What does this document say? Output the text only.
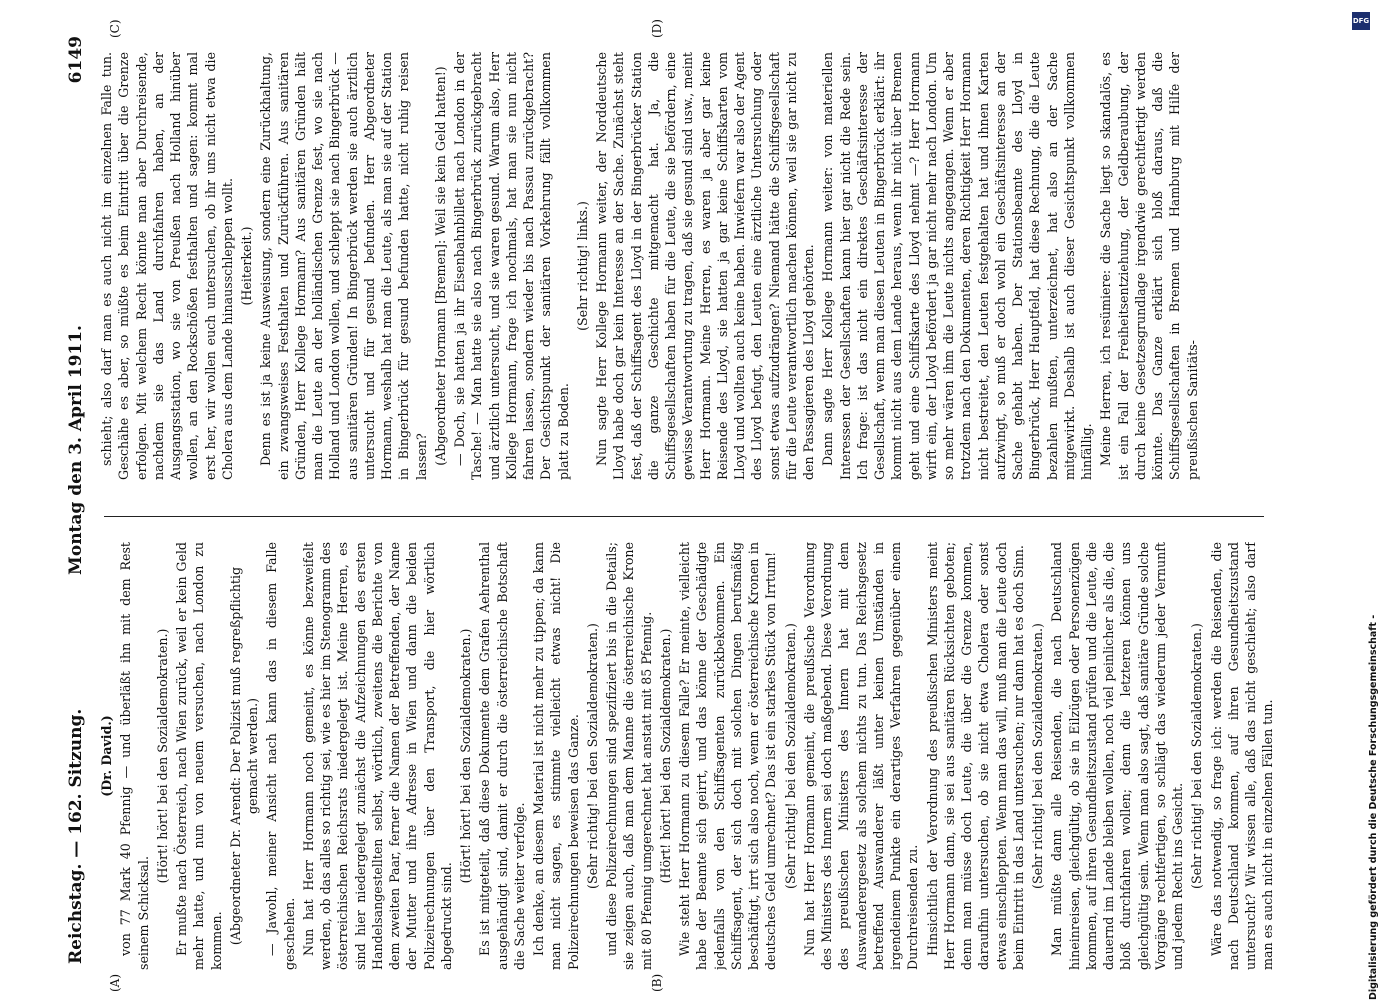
Reichstag. — 162. Sitzung.
Montag den 3. April 1911.
6149
(A)	(B)
(C)	(D)

(Dr. David.) von 77 Mark 40 Pfennig — und überläßt ihn mit dem Rest seinem Schicksal.

(Hört! hört! bei den Sozialdemokraten.) Er mußte nach Österreich, nach Wien zurück, weil er kein Geld mehr hatte, und nun von neuem versuchen, nach London zu kommen. (Abgeordneter Dr. Arendt: Der Polizist muß regreßpflichtig gemacht werden.) — Jawohl, meiner Ansicht nach kann das in diesem Falle geschehen. Nun hat Herr Hormann noch gemeint, es könne bezweifelt werden, ob das alles so richtig sei, wie es hier im Stenogramm des österreichischen Reichsrats niedergelegt ist. Meine Herren, es sind hier niedergelegt zunächst die Aufzeichnungen des ersten Handelsangestellten selbst, wörtlich, zweitens die Berichte von dem zweiten Paar, ferner die Namen der Betreffenden, der Name der Mutter und ihre Adresse in Wien und dann die beiden Polizeirechnungen über den Transport, die hier wörtlich abgedruckt sind.

(Hört! hört! bei den Sozialdemokraten.) Es ist mitgeteilt, daß diese Dokumente dem Grafen Aehrenthal ausgehändigt sind, damit er durch die österreichische Botschaft die Sache weiter verfolge. Ich denke, an diesem Material ist nicht mehr zu tippen; da kann man nicht sagen, es stimmte vielleicht etwas nicht! Die Polizeirechnungen beweisen das Ganze. (Sehr richtig! bei den Sozialdemokraten.) und diese Polizeirechnungen sind spezifiziert bis in die Details; sie zeigen auch, daß man dem Manne die österreichische Krone mit 80 Pfennig umgerechnet hat anstatt mit 85 Pfennig. (Hört! hört! bei den Sozialdemokraten.) Wie steht Herr Hormann zu diesem Falle? Er meinte, vielleicht habe der Beamte sich geirrt, und das könne der Geschädigte jedenfalls von den Schiffsagenten zurückbekommen. Ein Schiffsagent, der sich doch mit solchen Dingen berufsmäßig beschäftigt, irrt sich also noch, wenn er österreichische Kronen in deutsches Geld umrechnet? Das ist ein starkes Stück von Irrtum! (Sehr richtig! bei den Sozialdemokraten.) Nun hat Herr Hormann gemeint, die preußische Verordnung des Ministers des Innern sei doch maßgebend. Diese Verordnung des preußischen Ministers des Innern hat mit dem Auswanderergesetz als solchem nichts zu tun. Das Reichsgesetz betreffend Auswanderer läßt unter keinen Umständen in irgendeinem Punkte ein derartiges Verfahren gegenüber einem Durchreisenden zu. Hinsichtlich der Verordnung des preußischen Ministers meint Herr Hormann dann, sie sei aus sanitären Rücksichten geboten; denn man müsse doch Leute, die über die Grenze kommen, daraufhin untersuchen, ob sie nicht etwa Cholera oder sonst etwas einschleppten. Wenn man das will, muß man die Leute doch beim Eintritt in das Land untersuchen; nur dann hat es doch Sinn. (Sehr richtig! bei den Sozialdemokraten.) Man müßte dann alle Reisenden, die nach Deutschland hineinreisen, gleichgültig, ob sie in Eilzügen oder Personenzügen kommen, auf ihren Gesundheitszustand prüfen und die Leute, die dauernd im Lande bleiben wollen, noch viel peinlicher als die, die bloß durchfahren wollen; denn die letzteren können uns gleichgültig sein. Wenn man also sagt, daß sanitäre Gründe solche Vorgänge rechtfertigen, so schlägt das wiederum jeder Vernunft und jedem Recht ins Gesicht. (Sehr richtig! bei den Sozialdemokraten.) Wäre das notwendig, so frage ich: werden die Reisenden, die nach Deutschland kommen, auf ihren Gesundheitszustand untersucht? Wir wissen alle, daß das nicht geschieht; also darf man es auch nicht in einzelnen Fällen tun.

schieht; also darf man es auch nicht im einzelnen Falle tun. Geschähe es aber, so müßte es beim Eintritt über die Grenze erfolgen. Mit welchem Recht könnte man aber Durchreisende, nachdem sie das Land durchfahren haben, an der Ausgangsstation, wo sie von Preußen nach Holland hinüber wollen, an den Rockschößen festhalten und sagen: kommt mal erst her, wir wollen euch untersuchen, ob ihr uns nicht etwa die Cholera aus dem Lande hinausschleppen wollt. (Heiterkeit.) Denn es ist ja keine Ausweisung, sondern eine Zurückhaltung, ein zwangsweises Festhalten und Zurückführen. Aus sanitären Gründen, Herr Kollege Hormann? Aus sanitären Gründen hält man die Leute an der holländischen Grenze fest, wo sie nach Holland und London wollen, und schleppt sie nach Bingerbrück — aus sanitären Gründen! In Bingerbrück werden sie auch ärztlich untersucht und für gesund befunden. Herr Abgeordneter Hormann, weshalb hat man die Leute, als man sie auf der Station in Bingerbrück für gesund befunden hatte, nicht ruhig reisen lassen? (Abgeordneter Hormann [Bremen]: Weil sie kein Geld hatten!) — Doch, sie hatten ja ihr Eisenbahnbillett nach London in der Tasche! — Man hatte sie also nach Bingerbrück zurückgebracht und ärztlich untersucht, und sie waren gesund. Warum also, Herr Kollege Hormann, frage ich nochmals, hat man sie nun nicht fahren lassen, sondern wieder bis nach Passau zurückgebracht? Der Gesichtspunkt der sanitären Vorkehrung fällt vollkommen platt zu Boden.

(Sehr richtig! links.) Nun sagte Herr Kollege Hormann weiter, der Norddeutsche Lloyd habe doch gar kein Interesse an der Sache. Zunächst steht fest, daß der Schiffsagent des Lloyd in der Bingerbrücker Station die ganze Geschichte mitgemacht hat. Ja, die Schiffsgesellschaften haben für die Leute, die sie befördern, eine gewisse Verantwortung zu tragen, daß sie gesund sind usw., meint Herr Hormann. Meine Herren, es waren ja aber gar keine Reisende des Lloyd, sie hatten ja gar keine Schiffskarten vom Lloyd und wollten auch keine haben. Inwiefern war also der Agent des Lloyd befugt, den Leuten eine ärztliche Untersuchung oder sonst etwas aufzudrängen? Niemand hätte die Schiffsgesellschaft für die Leute verantwortlich machen können, weil sie gar nicht zu den Passagieren des Lloyd gehörten. Dann sagte Herr Kollege Hormann weiter: von materiellen Interessen der Gesellschaften kann hier gar nicht die Rede sein. Ich frage: ist das nicht ein direktes Geschäftsinteresse der Gesellschaft, wenn man diesen Leuten in Bingerbrück erklärt: ihr kommt nicht aus dem Lande heraus, wenn ihr nicht über Bremen geht und eine Schiffskarte des Lloyd nehmt —? Herr Hormann wirft ein, der Lloyd befördert ja gar nicht mehr nach London. Um so mehr wären ihm die Leute nichts angegangen. Wenn er aber trotzdem nach den Dokumenten, deren Richtigkeit Herr Hormann nicht bestreitet, den Leuten festgehalten hat und ihnen Karten aufzwingt, so muß er doch wohl ein Geschäftsinteresse an der Sache gehabt haben. Der Stationsbeamte des Lloyd in Bingerbrück, Herr Hauptfeld, hat diese Rechnung, die die Leute bezahlen mußten, unterzeichnet, hat also an der Sache mitgewirkt. Deshalb ist auch dieser Gesichtspunkt vollkommen hinfällig. Meine Herren, ich resümiere: die Sache liegt so skandalös, es ist ein Fall der Freiheitsentziehung, der Geldberaubung, der durch keine Gesetzesgrundlage irgendwie gerechtfertigt werden könnte. Das Ganze erklärt sich bloß daraus, daß die Schiffsgesellschaften in Bremen und Hamburg mit Hilfe der preußischen Sanitäts-

DFG
Digitalisierung gefördert durch die Deutsche Forschungsgemeinschaft -
